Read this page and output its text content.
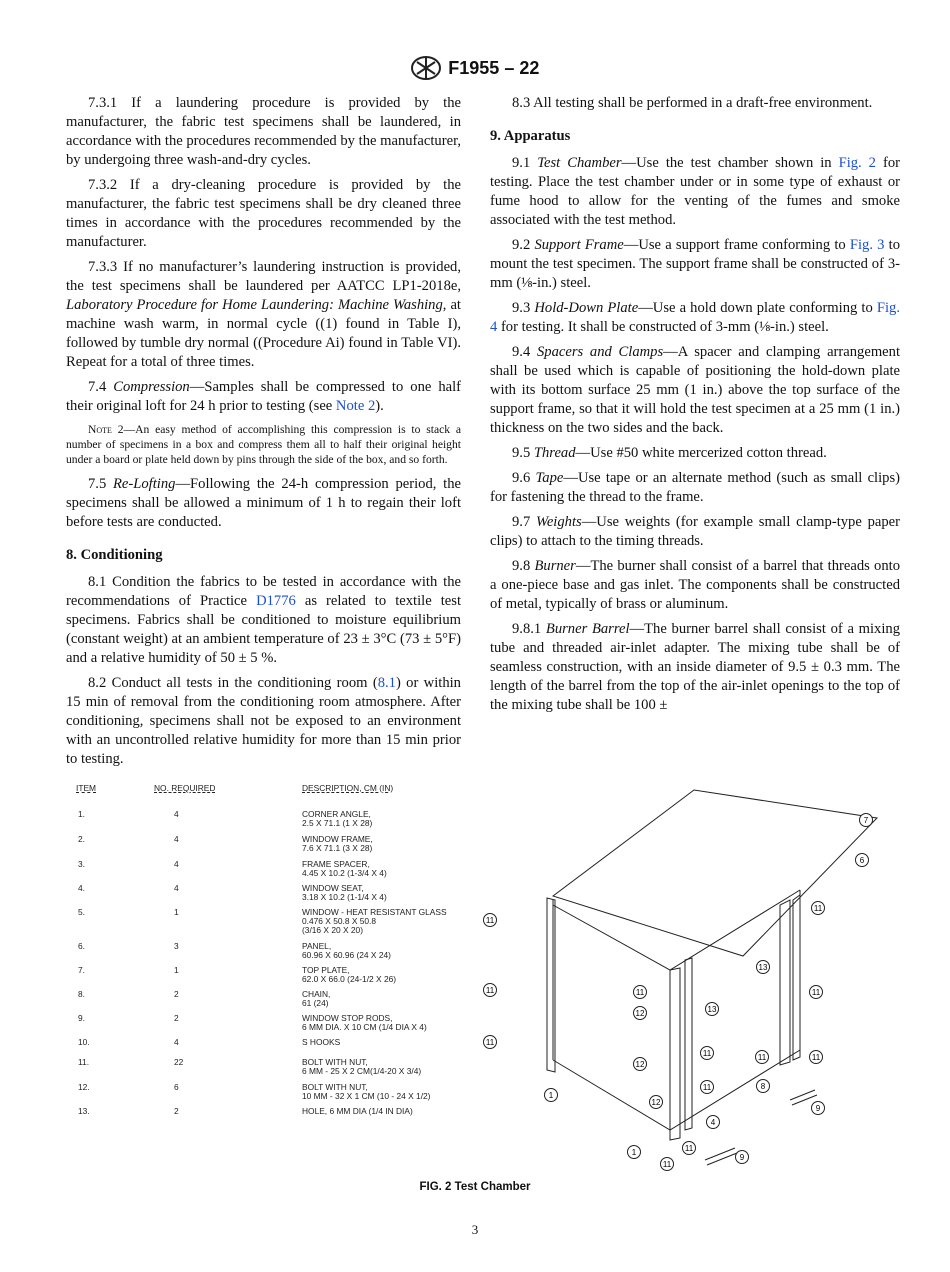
F1955 – 22

7.3.1 If a laundering procedure is provided by the manufacturer, the fabric test specimens shall be laundered, in accordance with the procedures recommended by the manufacturer, by undergoing three wash-and-dry cycles.

7.3.2 If a dry-cleaning procedure is provided by the manufacturer, the fabric test specimens shall be dry cleaned three times in accordance with the procedures recommended by the manufacturer.

7.3.3 If no manufacturer’s laundering instruction is provided, the test specimens shall be laundered per AATCC LP1-2018e, Laboratory Procedure for Home Laundering: Machine Washing, at machine wash warm, in normal cycle ((1) found in Table I), followed by tumble dry normal ((Procedure Ai) found in Table VI). Repeat for a total of three times.

7.4 Compression—Samples shall be compressed to one half their original loft for 24 h prior to testing (see Note 2).

Note 2—An easy method of accomplishing this compression is to stack a number of specimens in a box and compress them all to half their original height under a board or plate held down by pins through the side of the box, and so forth.

7.5 Re-Lofting—Following the 24-h compression period, the specimens shall be allowed a minimum of 1 h to regain their loft before tests are conducted.

8. Conditioning

8.1 Condition the fabrics to be tested in accordance with the recommendations of Practice D1776 as related to textile test specimens. Fabrics shall be conditioned to moisture equilibrium (constant weight) at an ambient temperature of 23 ± 3°C (73 ± 5°F) and a relative humidity of 50 ± 5 %.

8.2 Conduct all tests in the conditioning room (8.1) or within 15 min of removal from the conditioning room atmosphere. After conditioning, specimens shall not be exposed to an environment with an uncontrolled relative humidity for more than 15 min prior to testing.

8.3 All testing shall be performed in a draft-free environment.

9. Apparatus

9.1 Test Chamber—Use the test chamber shown in Fig. 2 for testing. Place the test chamber under or in some type of exhaust or fume hood to allow for the venting of the fumes and smoke associated with the test method.

9.2 Support Frame—Use a support frame conforming to Fig. 3 to mount the test specimen. The support frame shall be constructed of 3-mm (⅛-in.) steel.

9.3 Hold-Down Plate—Use a hold down plate conforming to Fig. 4 for testing. It shall be constructed of 3-mm (⅛-in.) steel.

9.4 Spacers and Clamps—A spacer and clamping arrangement shall be used which is capable of positioning the hold-down plate with its bottom surface 25 mm (1 in.) above the top surface of the support frame, so that it will hold the test specimen at a 25 mm (1 in.) thickness on the two sides and the back.

9.5 Thread—Use #50 white mercerized cotton thread.

9.6 Tape—Use tape or an alternate method (such as small clips) for fastening the thread to the frame.

9.7 Weights—Use weights (for example small clamp-type paper clips) to attach to the timing threads.

9.8 Burner—The burner shall consist of a barrel that threads onto a one-piece base and gas inlet. The components shall be constructed of metal, typically of brass or aluminum.

9.8.1 Burner Barrel—The burner barrel shall consist of a mixing tube and threaded air-inlet adapter. The mixing tube shall be of seamless construction, with an inside diameter of 9.5 ± 0.3 mm. The length of the barrel from the top of the air-inlet openings to the top of the mixing tube shall be 100 ±

ITEM	NO. REQUIRED	DESCRIPTION, CM (IN)
1.	4	CORNER ANGLE,
2.5 X 71.1 (1 X 28)
2.	4	WINDOW FRAME,
7.6 X 71.1 (3 X 28)
3.	4	FRAME SPACER,
4.45 X 10.2 (1-3/4 X 4)
4.	4	WINDOW SEAT,
3.18 X 10.2 (1-1/4 X 4)
5.	1	WINDOW - HEAT RESISTANT GLASS
0.476 X 50.8 X 50.8
(3/16 X 20 X 20)
6.	3	PANEL,
60.96 X 60.96 (24 X 24)
7.	1	TOP PLATE,
62.0 X 66.0 (24-1/2 X 26)
8.	2	CHAIN,
61 (24)
9.	2	WINDOW STOP RODS,
6 MM DIA. X 10 CM (1/4 DIA X 4)
10.	4	S HOOKS
11.	22	BOLT WITH NUT,
6 MM - 25 X 2 CM(1/4-20 X 3/4)
12.	6	BOLT WITH NUT,
10 MM - 32 X 1 CM (10 - 24 X 1/2)
13.	2	HOLE, 6 MM DIA (1/4 IN DIA)
7
6
11
11
11	11
13
11
12	13
11
11	11	11
12
11	8
4
12
1
9
1	11
11
9
FIG. 2 Test Chamber
3
